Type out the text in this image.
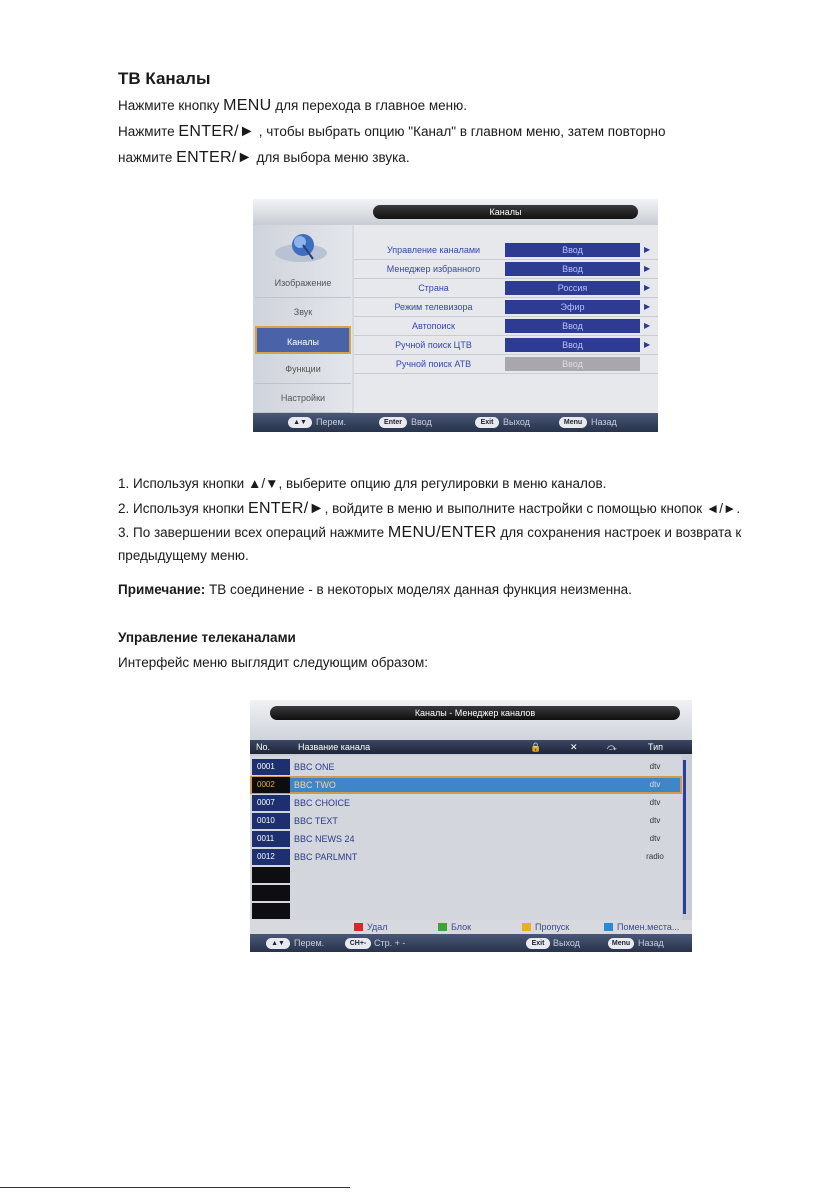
ТВ Каналы
Нажмите кнопку MENU для перехода в главное меню.
Нажмите ENTER/► , чтобы выбрать опцию "Канал" в главном меню, затем повторно
нажмите ENTER/► для выбора меню звука.
Каналы
Изображение
Звук
Каналы
Функции
Настройки
Управление каналами	Ввод	▶
Менеджер избранного	Ввод	▶
Страна	Россия	▶
Режим телевизора	Эфир	▶
Автопоиск	Ввод	▶
Ручной поиск ЦТВ	Ввод	▶
Ручной поиск АТВ	Ввод
▲▼	Перем.	Enter	Ввод	Exit	Выход	Menu Назад
1. Используя кнопки ▲/▼, выберите опцию для регулировки в меню каналов.
2. Используя кнопки ENTER/►, войдите в меню и выполните настройки с помощью кнопок ◄/►.
3. По завершении всех операций нажмите MENU/ENTER для сохранения настроек и возврата к
предыдущему меню.
Примечание: ТВ соединение - в некоторых моделях данная функция неизменна.
Управление телеканалами
Интерфейс меню выглядит следующим образом:
Каналы - Менеджер каналов
No.	Название канала	🔒	✕	⤼	Тип
0001	BBC ONE	dtv
0002	BBC TWO	dtv
0007	BBC CHOICE	dtv
0010	BBC TEXT	dtv
0011	BBC NEWS 24	dtv
0012	BBC PARLMNT	radio
Удал	Блок	Пропуск	Помен.места...
▲▼	Перем.	CH+- Стр. + -	Exit Выход	Menu Назад
